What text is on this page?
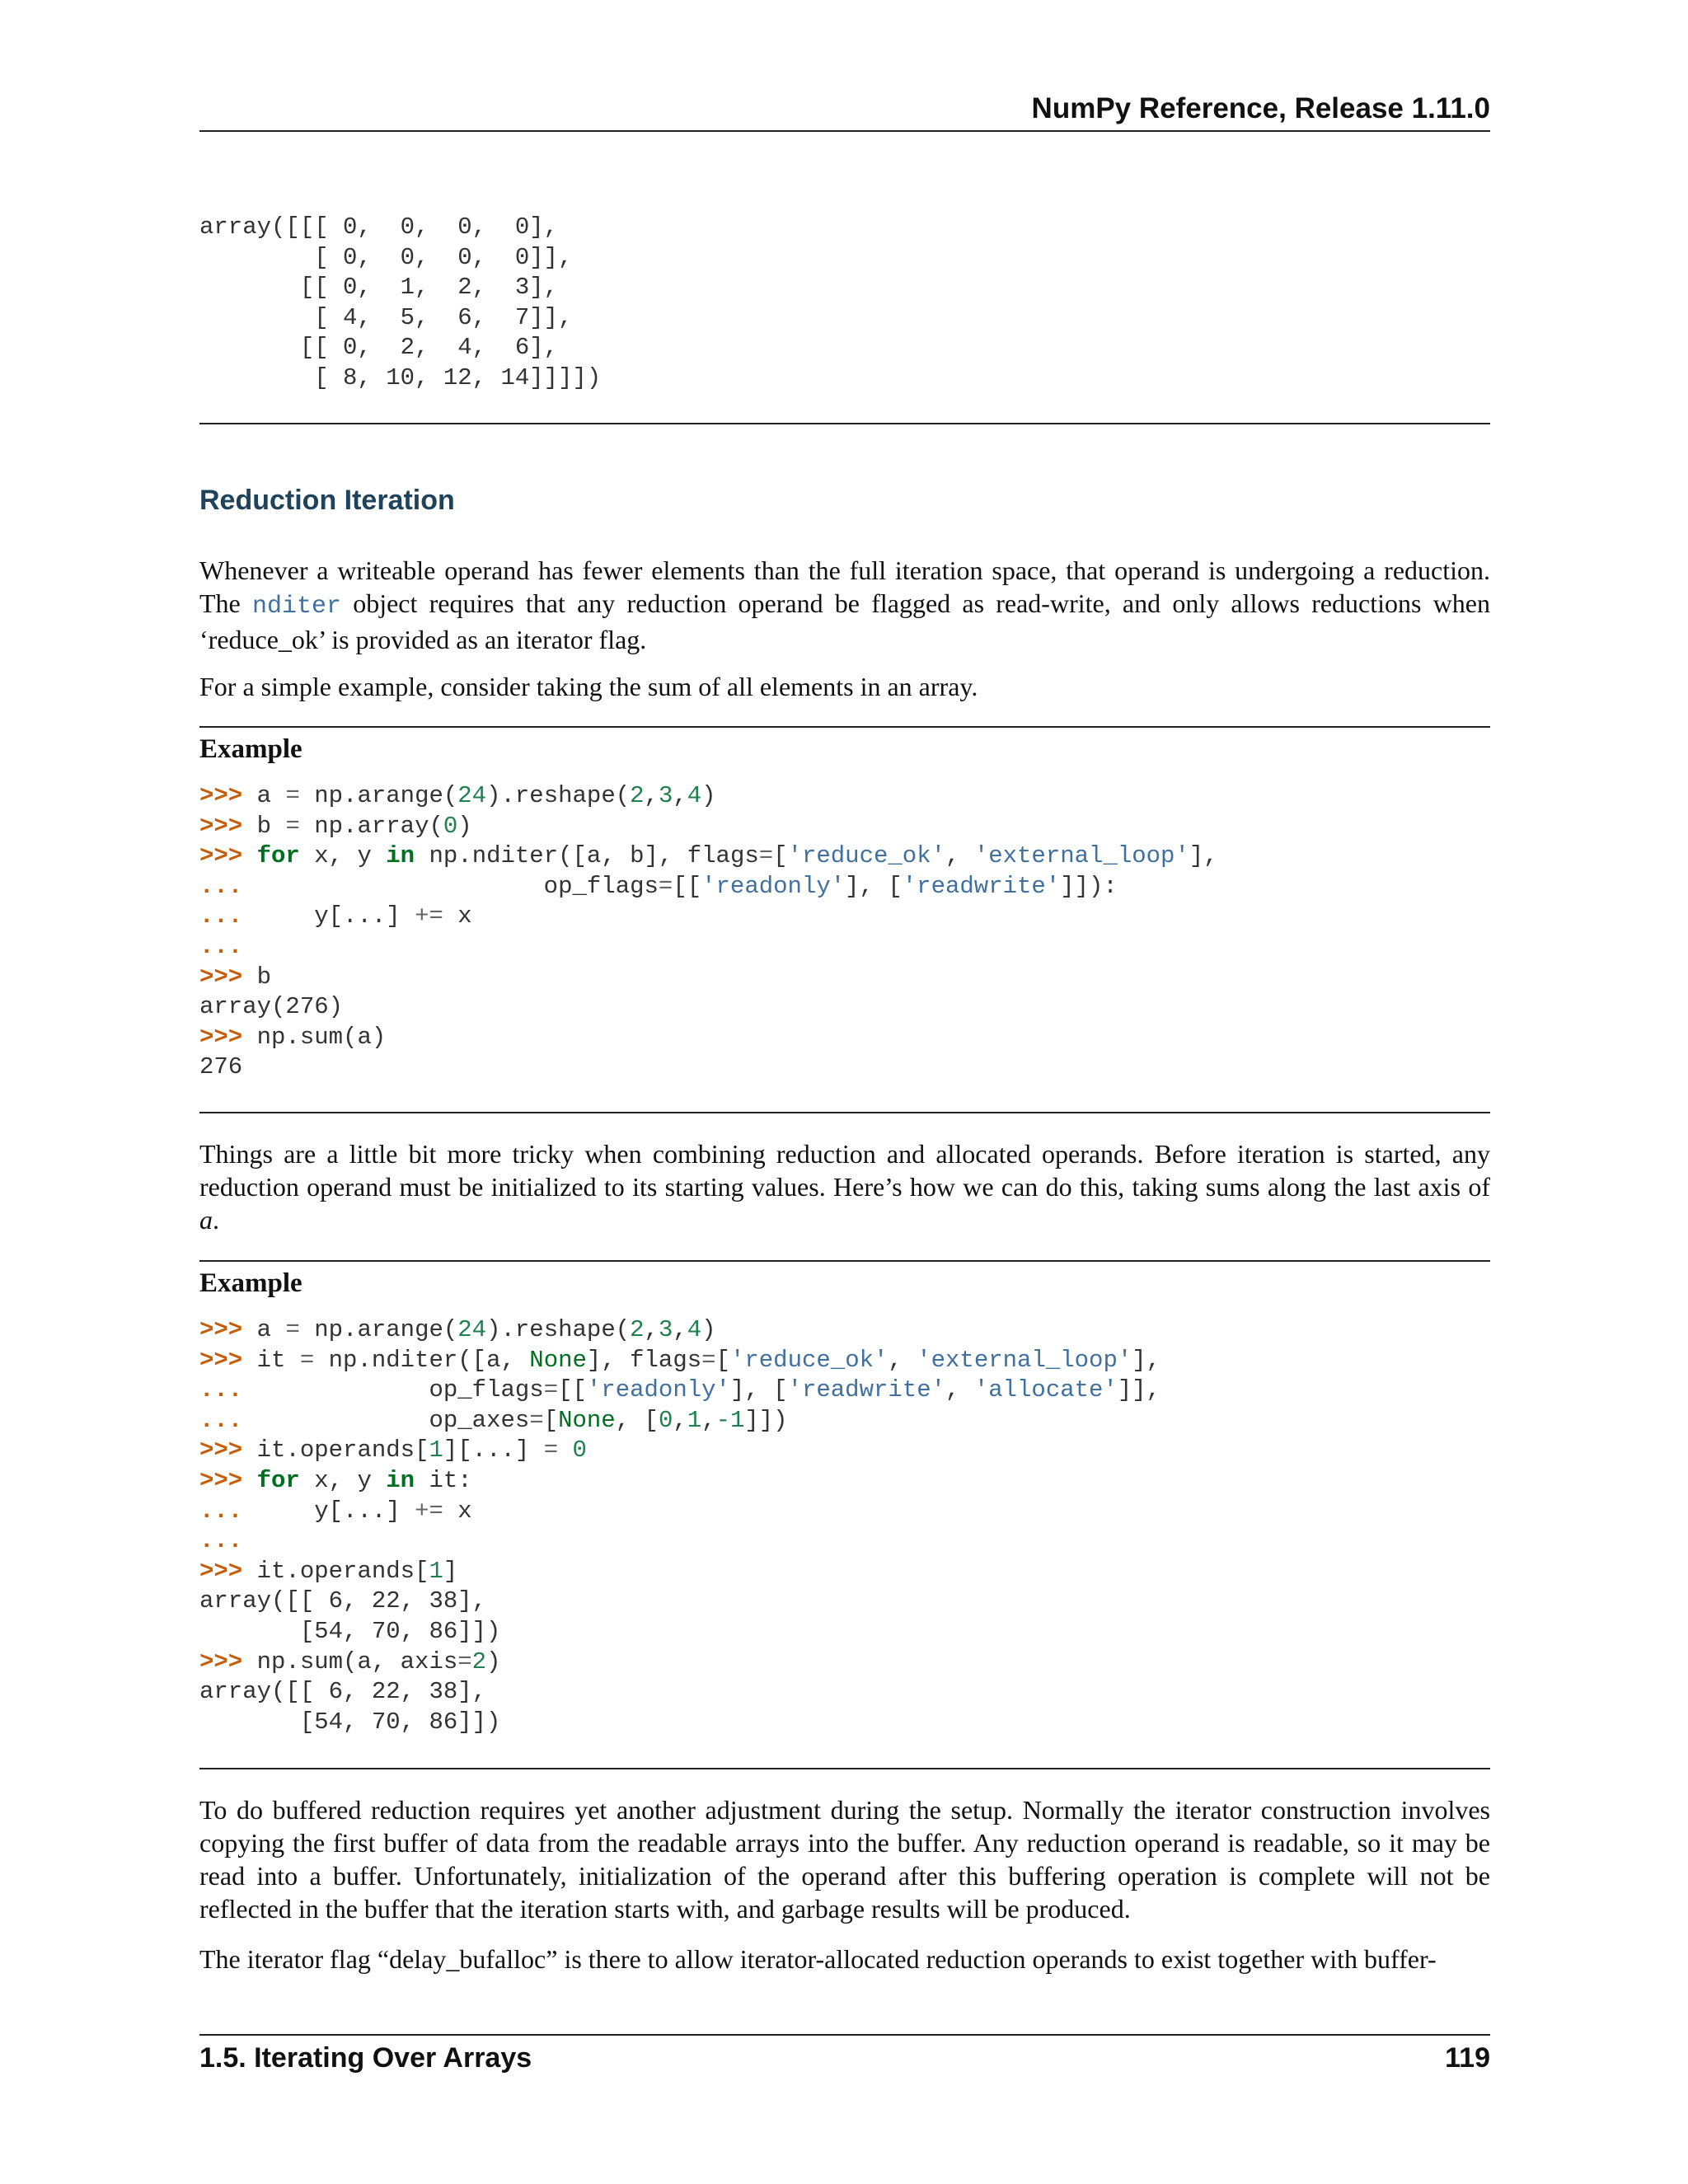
NumPy Reference, Release 1.11.0
array([[[ 0,  0,  0,  0],
[ 0,  0,  0,  0]],
[[ 0,  1,  2,  3],
[ 4,  5,  6,  7]],
[[ 0,  2,  4,  6],
[ 8, 10, 12, 14]]]])
Reduction Iteration

Whenever a writeable operand has fewer elements than the full iteration space, that operand is undergoing a reduction. The nditer object requires that any reduction operand be flagged as read-write, and only allows reductions when ‘reduce_ok’ is provided as an iterator flag.

For a simple example, consider taking the sum of all elements in an array.

Example
>>> a = np.arange(24).reshape(2,3,4)
>>> b = np.array(0)
>>> for x, y in np.nditer([a, b], flags=['reduce_ok', 'external_loop'],
...                     op_flags=[['readonly'], ['readwrite']]):
...     y[...] += x
...
>>> b
array(276)
>>> np.sum(a)
276

Things are a little bit more tricky when combining reduction and allocated operands. Before iteration is started, any reduction operand must be initialized to its starting values. Here’s how we can do this, taking sums along the last axis of a.

Example
>>> a = np.arange(24).reshape(2,3,4)
>>> it = np.nditer([a, None], flags=['reduce_ok', 'external_loop'],
...             op_flags=[['readonly'], ['readwrite', 'allocate']],
...             op_axes=[None, [0,1,-1]])
>>> it.operands[1][...] = 0
>>> for x, y in it:
...     y[...] += x
...
>>> it.operands[1]
array([[ 6, 22, 38],
[54, 70, 86]])
>>> np.sum(a, axis=2)
array([[ 6, 22, 38],
[54, 70, 86]])

To do buffered reduction requires yet another adjustment during the setup. Normally the iterator construction involves copying the first buffer of data from the readable arrays into the buffer. Any reduction operand is readable, so it may be read into a buffer. Unfortunately, initialization of the operand after this buffering operation is complete will not be reflected in the buffer that the iteration starts with, and garbage results will be produced.

The iterator flag “delay_bufalloc” is there to allow iterator-allocated reduction operands to exist together with buffer-

1.5. Iterating Over Arrays	119
